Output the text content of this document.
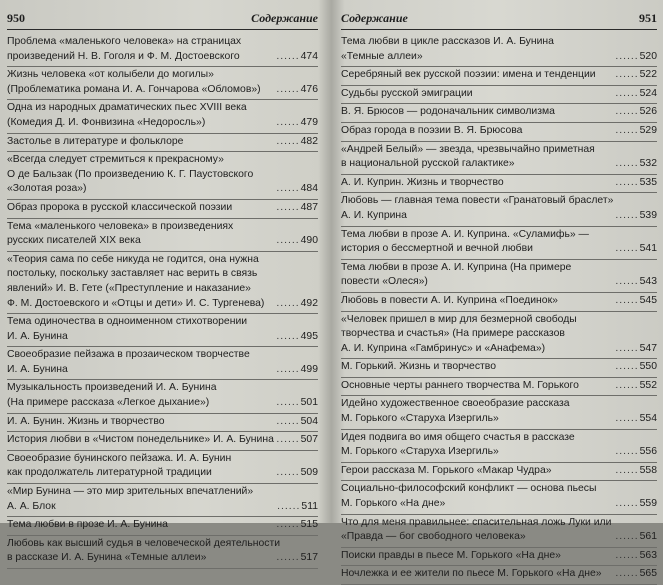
950	Содержание
Проблема «маленького человека» на страницах
произведений Н. В. Гоголя и Ф. М. Достоевского	...... 474
Жизнь человека «от колыбели до могилы»
(Проблематика романа И. А. Гончарова «Обломов»)	...... 476
Одна из народных драматических пьес XVIII века
(Комедия Д. И. Фонвизина «Недоросль»)	...... 479
Застолье в литературе и фольклоре	...... 482
«Всегда следует стремиться к прекрасному»
О де Бальзак (По произведению К. Г. Паустовского
«Золотая роза»)	...... 484
Образ пророка в русской классической поэзии	...... 487
Тема «маленького человека» в произведениях
русских писателей XIX века	...... 490
«Теория сама по себе никуда не годится, она нужна
постольку, поскольку заставляет нас верить в связь
явлений» И. В. Гете («Преступление и наказание»
Ф. М. Достоевского и «Отцы и дети» И. С. Тургенева)	...... 492
Тема одиночества в одноименном стихотворении
И. А. Бунина	...... 495
Своеобразие пейзажа в прозаическом творчестве
И. А. Бунина	...... 499
Музыкальность произведений И. А. Бунина
(На примере рассказа «Легкое дыхание»)	...... 501
И. А. Бунин. Жизнь и творчество	...... 504
История любви в «Чистом понедельнике» И. А. Бунина	...... 507
Своеобразие бунинского пейзажа. И. А. Бунин
как продолжатель литературной традиции	...... 509
«Мир Бунина — это мир зрительных впечатлений»
А. А. Блок	...... 511
Тема любви в прозе И. А. Бунина	...... 515
Любовь как высший судья в человеческой деятельности
в рассказе И. А. Бунина «Темные аллеи»	...... 517
Содержание	951
Тема любви в цикле рассказов И. А. Бунина
«Темные аллеи»	...... 520
Серебряный век русской поэзии: имена и тенденции	...... 522
Судьбы русской эмиграции	...... 524
В. Я. Брюсов — родоначальник символизма	...... 526
Образ города в поэзии В. Я. Брюсова	...... 529
«Андрей Белый» — звезда, чрезвычайно приметная
в национальной русской галактике»	...... 532
А. И. Куприн. Жизнь и творчество	...... 535
Любовь — главная тема повести «Гранатовый браслет»
А. И. Куприна	...... 539
Тема любви в прозе А. И. Куприна. «Суламифь» —
история о бессмертной и вечной любви	...... 541
Тема любви в прозе А. И. Куприна (На примере
повести «Олеся»)	...... 543
Любовь в повести А. И. Куприна «Поединок»	...... 545
«Человек пришел в мир для безмерной свободы
творчества и счастья» (На примере рассказов
А. И. Куприна «Гамбринус» и «Анафема»)	...... 547
М. Горький. Жизнь и творчество	...... 550
Основные черты раннего творчества М. Горького	...... 552
Идейно художественное своеобразие рассказа
М. Горького «Старуха Изергиль»	...... 554
Идея подвига во имя общего счастья в рассказе
М. Горького «Старуха Изергиль»	...... 556
Герои рассказа М. Горького «Макар Чудра»	...... 558
Социально-философский конфликт — основа пьесы
М. Горького «На дне»	...... 559
Что для меня правильнее: спасительная ложь Луки или
«Правда — бог свободного человека»	...... 561
Поиски правды в пьесе М. Горького «На дне»	...... 563
Ночлежка и ее жители по пьесе М. Горького «На дне»	...... 565
